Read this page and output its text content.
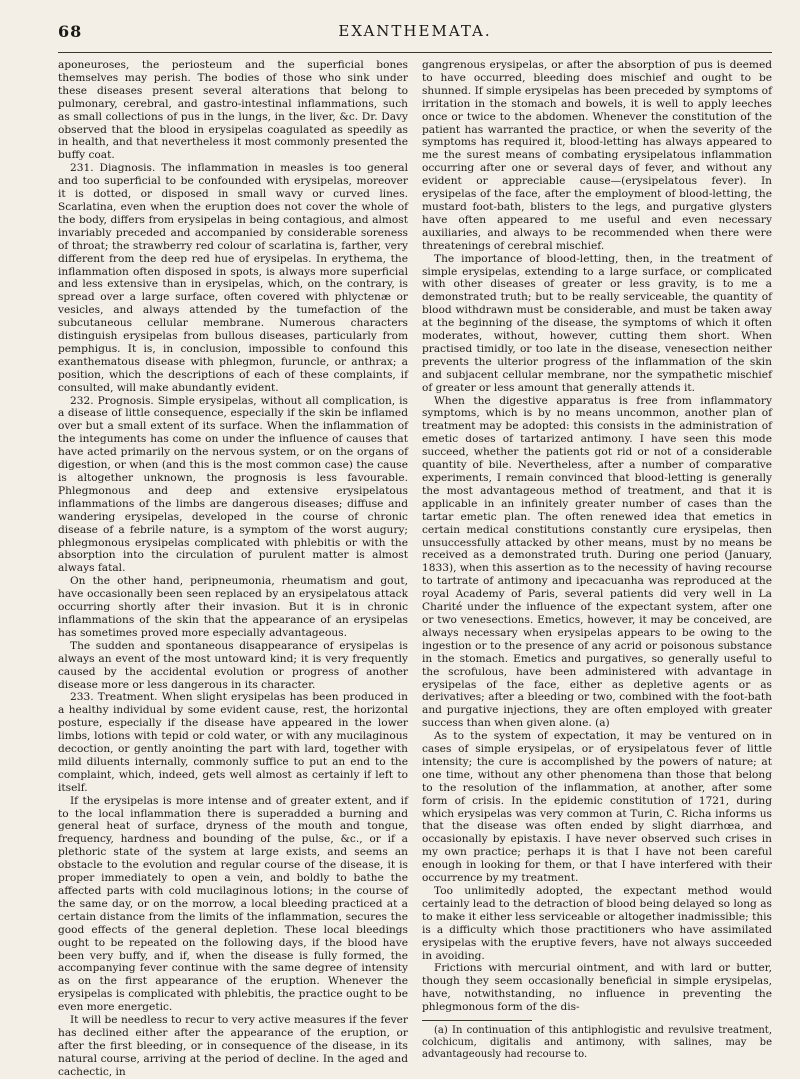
68	EXANTHEMATA.

aponeuroses, the periosteum and the superficial bones themselves may perish. The bodies of those who sink under these diseases present several alterations that belong to pulmonary, cerebral, and gastro-intestinal inflammations, such as small collections of pus in the lungs, in the liver, &c. Dr. Davy observed that the blood in erysipelas coagulated as speedily as in health, and that nevertheless it most commonly presented the buffy coat.

231. Diagnosis. The inflammation in measles is too general and too superficial to be confounded with erysipelas, moreover it is dotted, or disposed in small wavy or curved lines. Scarlatina, even when the eruption does not cover the whole of the body, differs from erysipelas in being contagious, and almost invariably preceded and accompanied by considerable soreness of throat; the strawberry red colour of scarlatina is, farther, very different from the deep red hue of erysipelas. In erythema, the inflammation often disposed in spots, is always more superficial and less extensive than in erysipelas, which, on the contrary, is spread over a large surface, often covered with phlyctenæ or vesicles, and always attended by the tumefaction of the subcutaneous cellular membrane. Numerous characters distinguish erysipelas from bullous diseases, particularly from pemphigus. It is, in conclusion, impossible to confound this exanthematous disease with phlegmon, furuncle, or anthrax; a position, which the descriptions of each of these complaints, if consulted, will make abundantly evident.

232. Prognosis. Simple erysipelas, without all complication, is a disease of little consequence, especially if the skin be inflamed over but a small extent of its surface. When the inflammation of the integuments has come on under the influence of causes that have acted primarily on the nervous system, or on the organs of digestion, or when (and this is the most common case) the cause is altogether unknown, the prognosis is less favourable. Phlegmonous and deep and extensive erysipelatous inflammations of the limbs are dangerous diseases; diffuse and wandering erysipelas, developed in the course of chronic disease of a febrile nature, is a symptom of the worst augury; phlegmonous erysipelas complicated with phlebitis or with the absorption into the circulation of purulent matter is almost always fatal.

On the other hand, peripneumonia, rheumatism and gout, have occasionally been seen replaced by an erysipelatous attack occurring shortly after their invasion. But it is in chronic inflammations of the skin that the appearance of an erysipelas has sometimes proved more especially advantageous.

The sudden and spontaneous disappearance of erysipelas is always an event of the most untoward kind; it is very frequently caused by the accidental evolution or progress of another disease more or less dangerous in its character.

233. Treatment. When slight erysipelas has been produced in a healthy individual by some evident cause, rest, the horizontal posture, especially if the disease have appeared in the lower limbs, lotions with tepid or cold water, or with any mucilaginous decoction, or gently anointing the part with lard, together with mild diluents internally, commonly suffice to put an end to the complaint, which, indeed, gets well almost as certainly if left to itself.

If the erysipelas is more intense and of greater extent, and if to the local inflammation there is superadded a burning and general heat of surface, dryness of the mouth and tongue, frequency, hardness and bounding of the pulse, &c., or if a plethoric state of the system at large exists, and seems an obstacle to the evolution and regular course of the disease, it is proper immediately to open a vein, and boldly to bathe the affected parts with cold mucilaginous lotions; in the course of the same day, or on the morrow, a local bleeding practiced at a certain distance from the limits of the inflammation, secures the good effects of the general depletion. These local bleedings ought to be repeated on the following days, if the blood have been very buffy, and if, when the disease is fully formed, the accompanying fever continue with the same degree of intensity as on the first appearance of the eruption. Whenever the erysipelas is complicated with phlebitis, the practice ought to be even more energetic.

It will be needless to recur to very active measures if the fever has declined either after the appearance of the eruption, or after the first bleeding, or in consequence of the disease, in its natural course, arriving at the period of decline. In the aged and cachectic, in

gangrenous erysipelas, or after the absorption of pus is deemed to have occurred, bleeding does mischief and ought to be shunned. If simple erysipelas has been preceded by symptoms of irritation in the stomach and bowels, it is well to apply leeches once or twice to the abdomen. Whenever the constitution of the patient has warranted the practice, or when the severity of the symptoms has required it, blood-letting has always appeared to me the surest means of combating erysipelatous inflammation occurring after one or several days of fever, and without any evident or appreciable cause—(erysipelatous fever). In erysipelas of the face, after the employment of blood-letting, the mustard foot-bath, blisters to the legs, and purgative glysters have often appeared to me useful and even necessary auxiliaries, and always to be recommended when there were threatenings of cerebral mischief.

The importance of blood-letting, then, in the treatment of simple erysipelas, extending to a large surface, or complicated with other diseases of greater or less gravity, is to me a demonstrated truth; but to be really serviceable, the quantity of blood withdrawn must be considerable, and must be taken away at the beginning of the disease, the symptoms of which it often moderates, without, however, cutting them short. When practised timidly, or too late in the disease, venesection neither prevents the ulterior progress of the inflammation of the skin and subjacent cellular membrane, nor the sympathetic mischief of greater or less amount that generally attends it.

When the digestive apparatus is free from inflammatory symptoms, which is by no means uncommon, another plan of treatment may be adopted: this consists in the administration of emetic doses of tartarized antimony. I have seen this mode succeed, whether the patients got rid or not of a considerable quantity of bile. Nevertheless, after a number of comparative experiments, I remain convinced that blood-letting is generally the most advantageous method of treatment, and that it is applicable in an infinitely greater number of cases than the tartar emetic plan. The often renewed idea that emetics in certain medical constitutions constantly cure erysipelas, then unsuccessfully attacked by other means, must by no means be received as a demonstrated truth. During one period (January, 1833), when this assertion as to the necessity of having recourse to tartrate of antimony and ipecacuanha was reproduced at the royal Academy of Paris, several patients did very well in La Charité under the influence of the expectant system, after one or two venesections. Emetics, however, it may be conceived, are always necessary when erysipelas appears to be owing to the ingestion or to the presence of any acrid or poisonous substance in the stomach. Emetics and purgatives, so generally useful to the scrofulous, have been administered with advantage in erysipelas of the face, either as depletive agents or as derivatives; after a bleeding or two, combined with the foot-bath and purgative injections, they are often employed with greater success than when given alone. (a)

As to the system of expectation, it may be ventured on in cases of simple erysipelas, or of erysipelatous fever of little intensity; the cure is accomplished by the powers of nature; at one time, without any other phenomena than those that belong to the resolution of the inflammation, at another, after some form of crisis. In the epidemic constitution of 1721, during which erysipelas was very common at Turin, C. Richa informs us that the disease was often ended by slight diarrhœa, and occasionally by epistaxis. I have never observed such crises in my own practice; perhaps it is that I have not been careful enough in looking for them, or that I have interfered with their occurrence by my treatment.

Too unlimitedly adopted, the expectant method would certainly lead to the detraction of blood being delayed so long as to make it either less serviceable or altogether inadmissible; this is a difficulty which those practitioners who have assimilated erysipelas with the eruptive fevers, have not always succeeded in avoiding.

Frictions with mercurial ointment, and with lard or butter, though they seem occasionally beneficial in simple erysipelas, have, notwithstanding, no influence in preventing the phlegmonous form of the dis-

(a) In continuation of this antiphlogistic and revulsive treatment, colchicum, digitalis and antimony, with salines, may be advantageously had recourse to.
